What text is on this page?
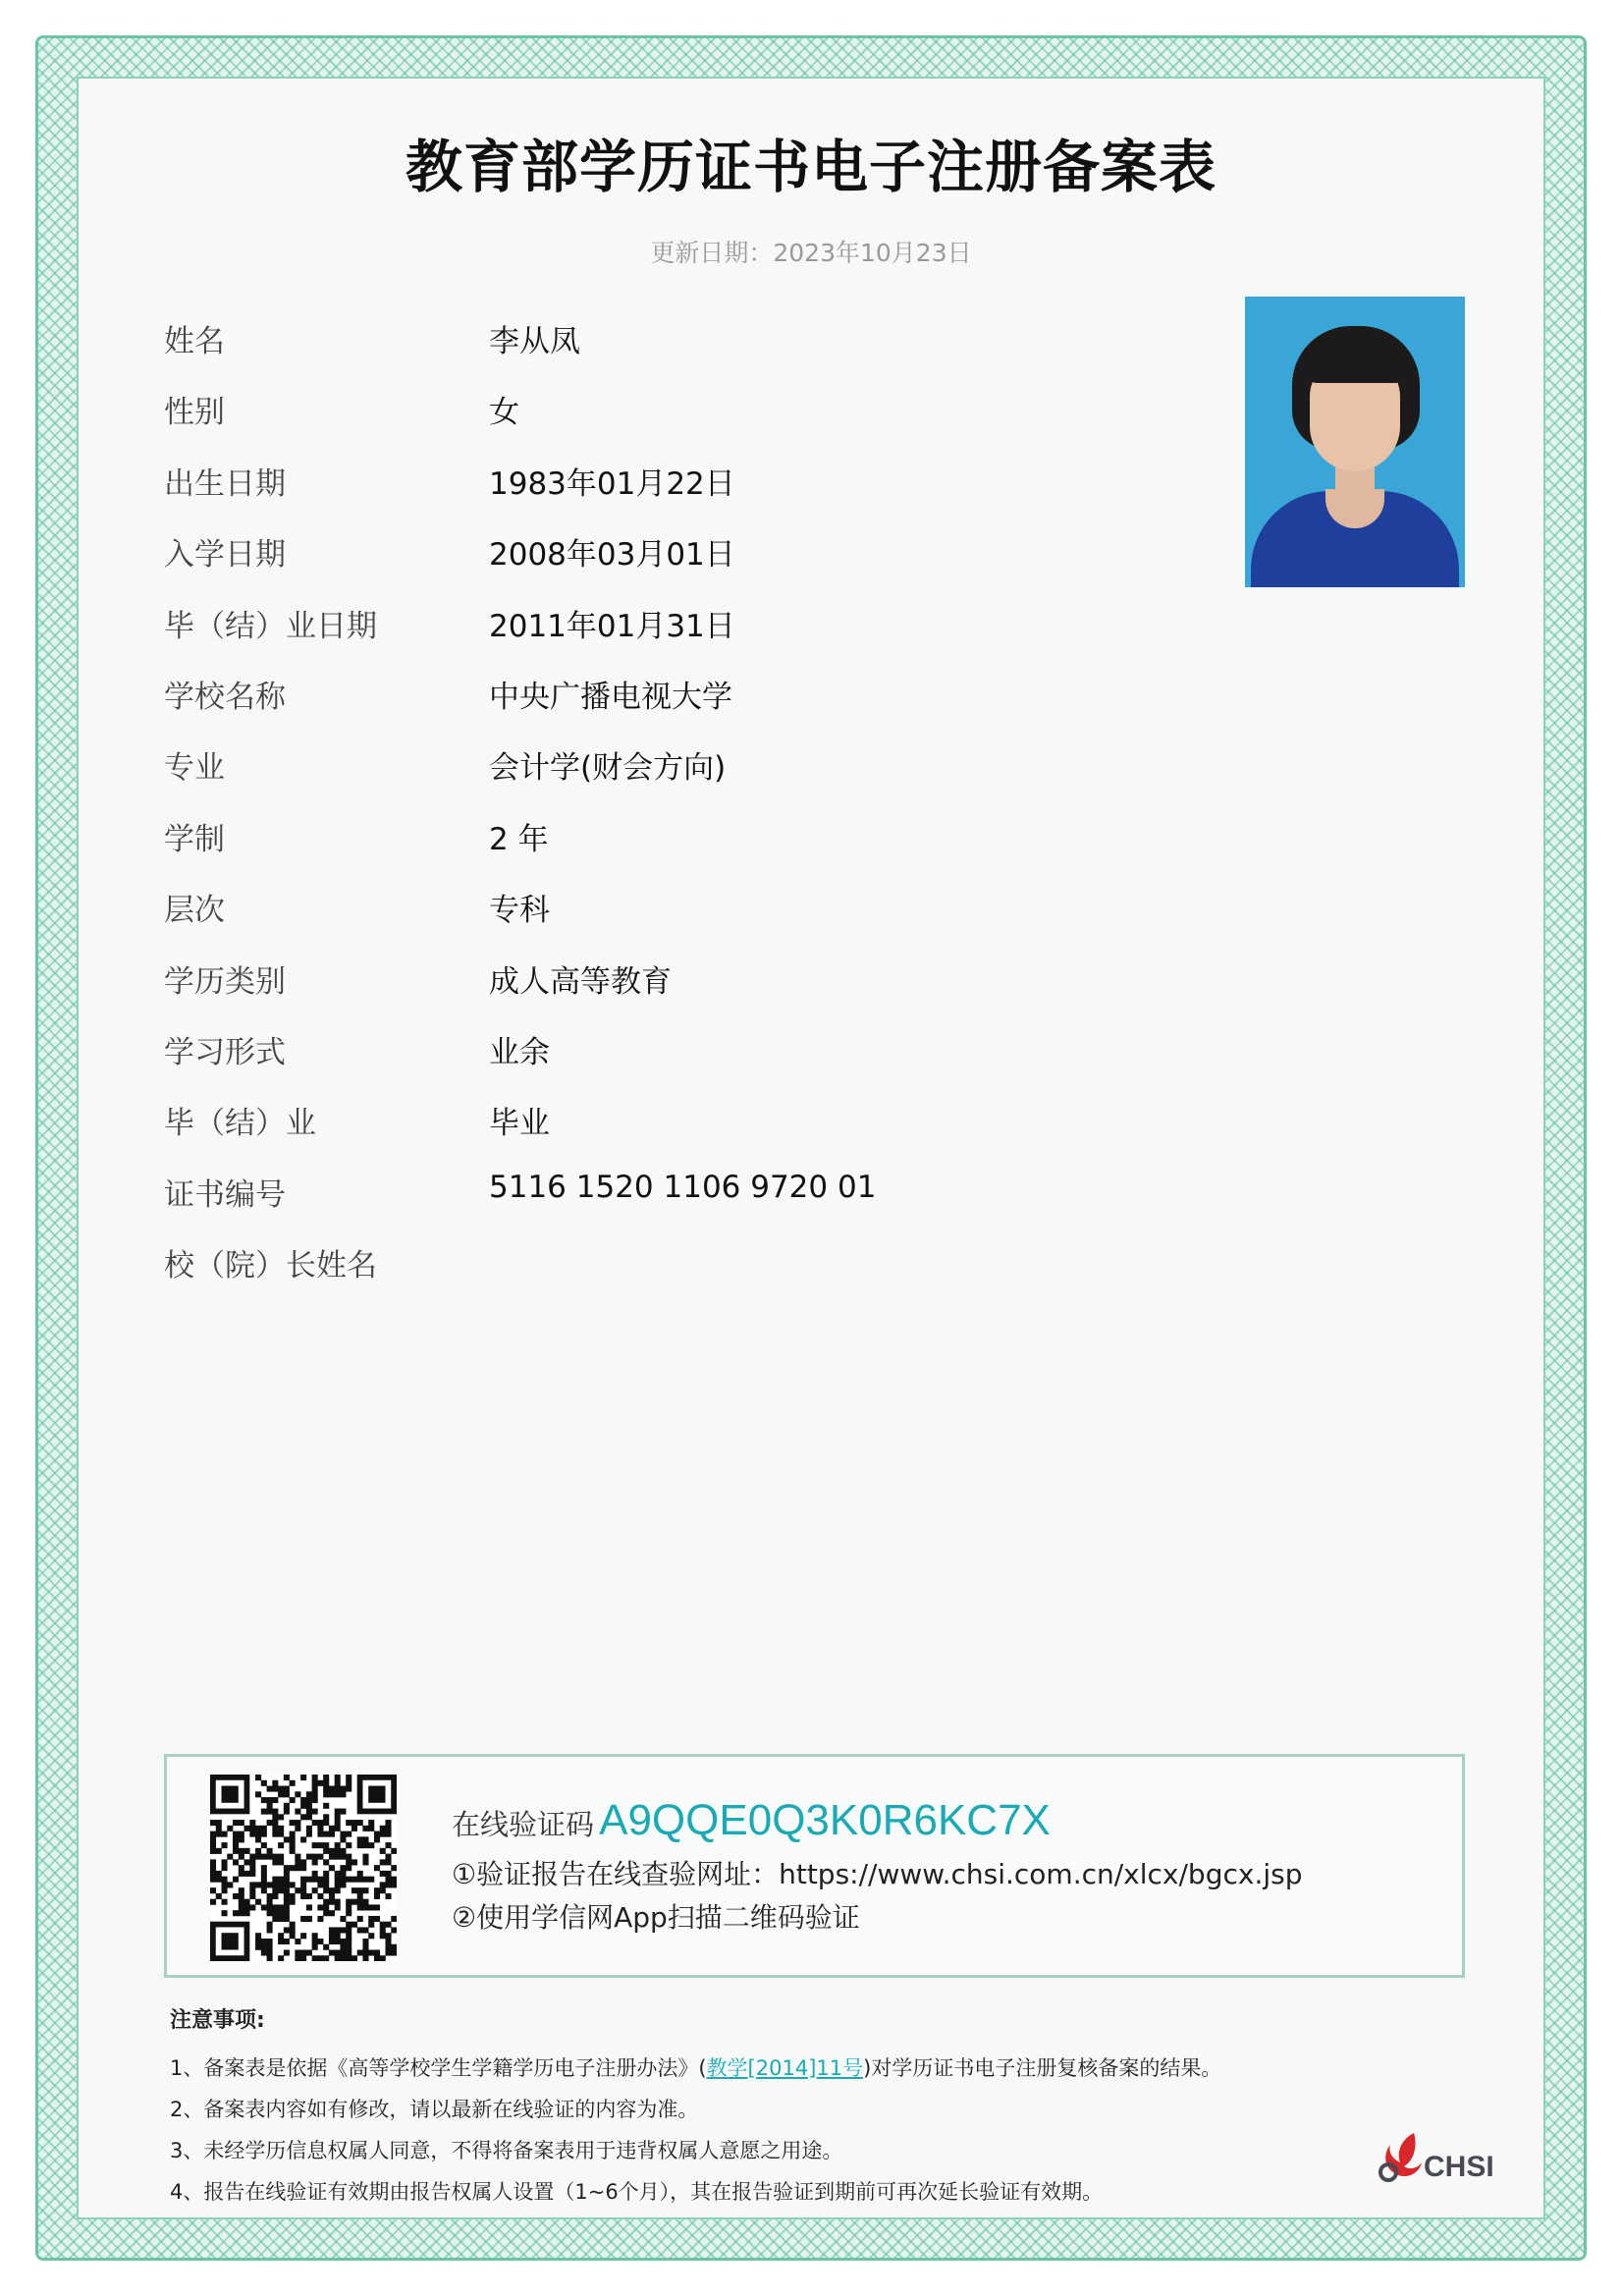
教育部学历证书电子注册备案表
更新日期：2023年10月23日
姓名	李从凤
性别	女
出生日期	1983年01月22日
入学日期	2008年03月01日
毕（结）业日期	2011年01月31日
学校名称	中央广播电视大学
专业	会计学(财会方向)
学制	2 年
层次	专科
学历类别	成人高等教育
学习形式	业余
毕（结）业	毕业
证书编号	5116 1520 1106 9720 01
校（院）长姓名
在线验证码 A9QQE0Q3K0R6KC7X
①验证报告在线查验网址：https://www.chsi.com.cn/xlcx/bgcx.jsp
②使用学信网App扫描二维码验证
注意事项:
1、备案表是依据《高等学校学生学籍学历电子注册办法》(教学[2014]11号)对学历证书电子注册复核备案的结果。
2、备案表内容如有修改，请以最新在线验证的内容为准。
3、未经学历信息权属人同意，不得将备案表用于违背权属人意愿之用途。
4、报告在线验证有效期由报告权属人设置（1~6个月），其在报告验证到期前可再次延长验证有效期。
CHSI
